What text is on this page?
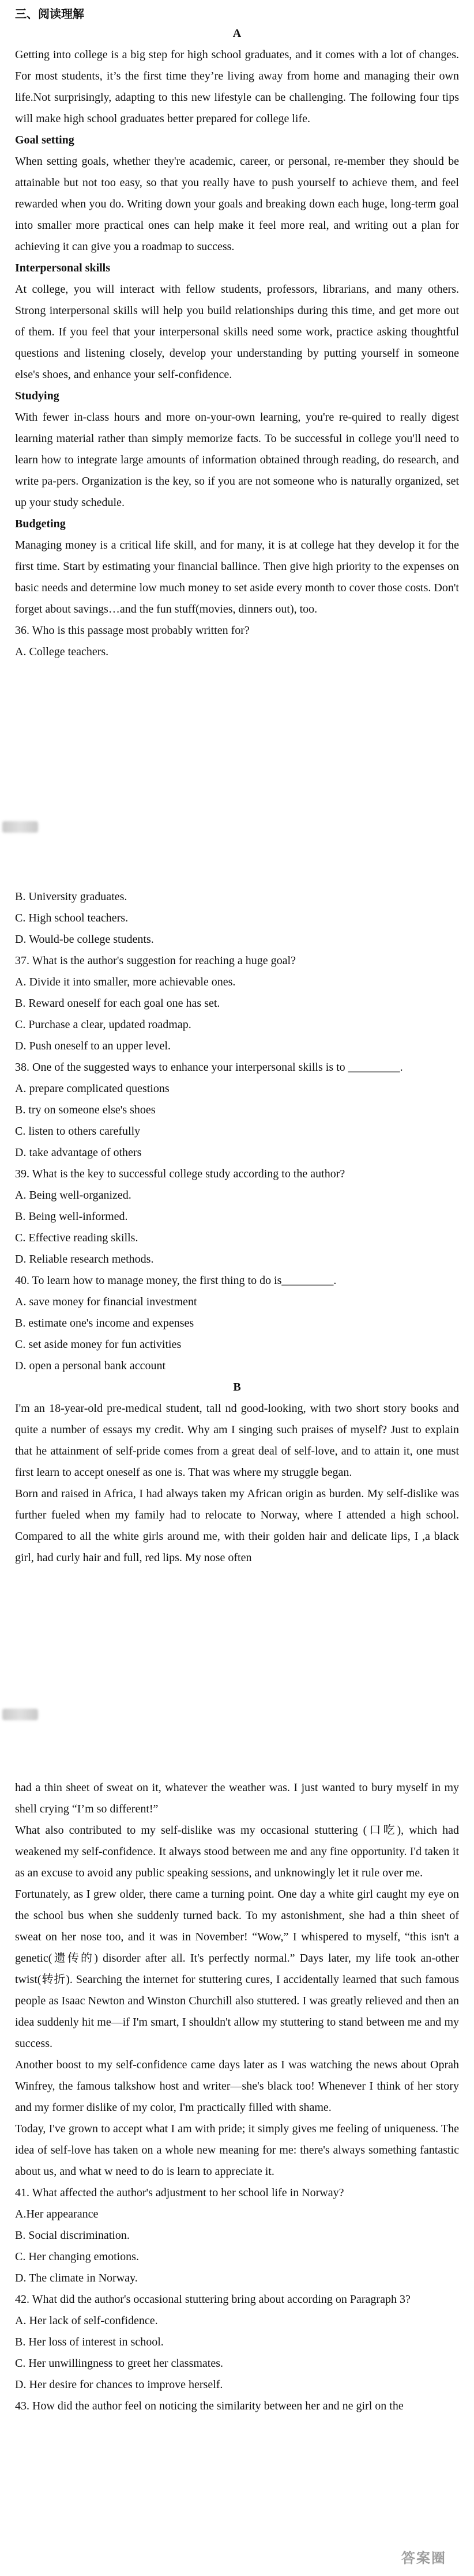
三、阅读理解

A

Getting into college is a big step for high school graduates, and it comes with a lot of changes. For most students, it’s the first time they’re living away from home and managing their own life.Not surprisingly, adapting to this new lifestyle can be challenging. The following four tips will make high school graduates better prepared for college life.

Goal setting

When setting goals, whether they're academic, career, or personal, re-member they should be attainable but not too easy, so that you really have to push yourself to achieve them, and feel rewarded when you do. Writing down your goals and breaking down each huge, long-term goal into smaller more practical ones can help make it feel more real, and writing out a plan for achieving it can give you a roadmap to success.

Interpersonal skills

At college, you will interact with fellow students, professors, librarians, and many others. Strong interpersonal skills will help you build relationships during this time, and get more out of them. If you feel that your interpersonal skills need some work, practice asking thoughtful questions and listening closely, develop your understanding by putting yourself in someone else's shoes, and enhance your self-confidence.

Studying

With fewer in-class hours and more on-your-own learning, you're re-quired to really digest learning material rather than simply memorize facts. To be successful in college you'll need to learn how to integrate large amounts of information obtained through reading, do research, and write pa-pers. Organization is the key, so if you are not someone who is naturally organized, set up your study schedule.

Budgeting

Managing money is a critical life skill, and for many, it is at college hat they develop it for the first time. Start by estimating your financial ballince. Then give high priority to the expenses on basic needs and determine low much money to set aside every month to cover those costs. Don't forget about savings…and the fun stuff(movies, dinners out), too.

36. Who is this passage most probably written for?

A. College teachers.

B. University graduates.

C. High school teachers.

D. Would-be college students.

37. What is the author's suggestion for reaching a huge goal?

A. Divide it into smaller, more achievable ones.

B. Reward oneself for each goal one has set.

C. Purchase a clear, updated roadmap.

D. Push oneself to an upper level.

38. One of the suggested ways to enhance your interpersonal skills is to _________.

A. prepare complicated questions

B. try on someone else's shoes

C. listen to others carefully

D. take advantage of others

39. What is the key to successful college study according to the author?

A. Being well-organized.

B. Being well-informed.

C. Effective reading skills.

D. Reliable research methods.

40. To learn how to manage money, the first thing to do is_________.

A. save money for financial investment

B. estimate one's income and expenses

C. set aside money for fun activities

D. open a personal bank account

B

I'm an 18-year-old pre-medical student, tall nd good-looking, with two short story books and quite a number of essays my credit. Why am I singing such praises of myself? Just to explain that he attainment of self-pride comes from a great deal of self-love, and to attain it, one must first learn to accept oneself as one is. That was where my struggle began.

Born and raised in Africa, I had always taken my African origin as burden. My self-dislike was further fueled when my family had to relocate to Norway, where I attended a high school. Compared to all the white girls around me, with their golden hair and delicate lips, I ,a black girl, had curly hair and full, red lips. My nose often

had a thin sheet of sweat on it, whatever the weather was. I just wanted to bury myself in my shell crying “I’m so different!”

What also contributed to my self-dislike was my occasional stuttering (口吃), which had weakened my self-confidence. It always stood between me and any fine opportunity. I'd taken it as an excuse to avoid any public speaking sessions, and unknowingly let it rule over me.

Fortunately, as I grew older, there came a turning point. One day a white girl caught my eye on the school bus when she suddenly turned back. To my astonishment, she had a thin sheet of sweat on her nose too, and it was in November! “Wow,” I whispered to myself, “this isn't a genetic(遗传的) disorder after all. It's perfectly normal.” Days later, my life took an-other twist(转折). Searching the internet for stuttering cures, I accidentally learned that such famous people as Isaac Newton and Winston Churchill also stuttered. I was greatly relieved and then an idea suddenly hit me—if I'm smart, I shouldn't allow my stuttering to stand between me and my success.

Another boost to my self-confidence came days later as I was watching the news about Oprah Winfrey, the famous talkshow host and writer—she's black too! Whenever I think of her story and my former dislike of my color, I'm practically filled with shame.

Today, I've grown to accept what I am with pride; it simply gives me feeling of uniqueness. The idea of self-love has taken on a whole new meaning for me: there's always something fantastic about us, and what w need to do is learn to appreciate it.

41. What affected the author's adjustment to her school life in Norway?

A.Her appearance

B. Social discrimination.

C. Her changing emotions.

D. The climate in Norway.

42. What did the author's occasional stuttering bring about according on Paragraph 3?

A. Her lack of self-confidence.

B. Her loss of interest in school.

C. Her unwillingness to greet her classmates.

D. Her desire for chances to improve herself.

43. How did the author feel on noticing the similarity between her and ne girl on the

答案圈
